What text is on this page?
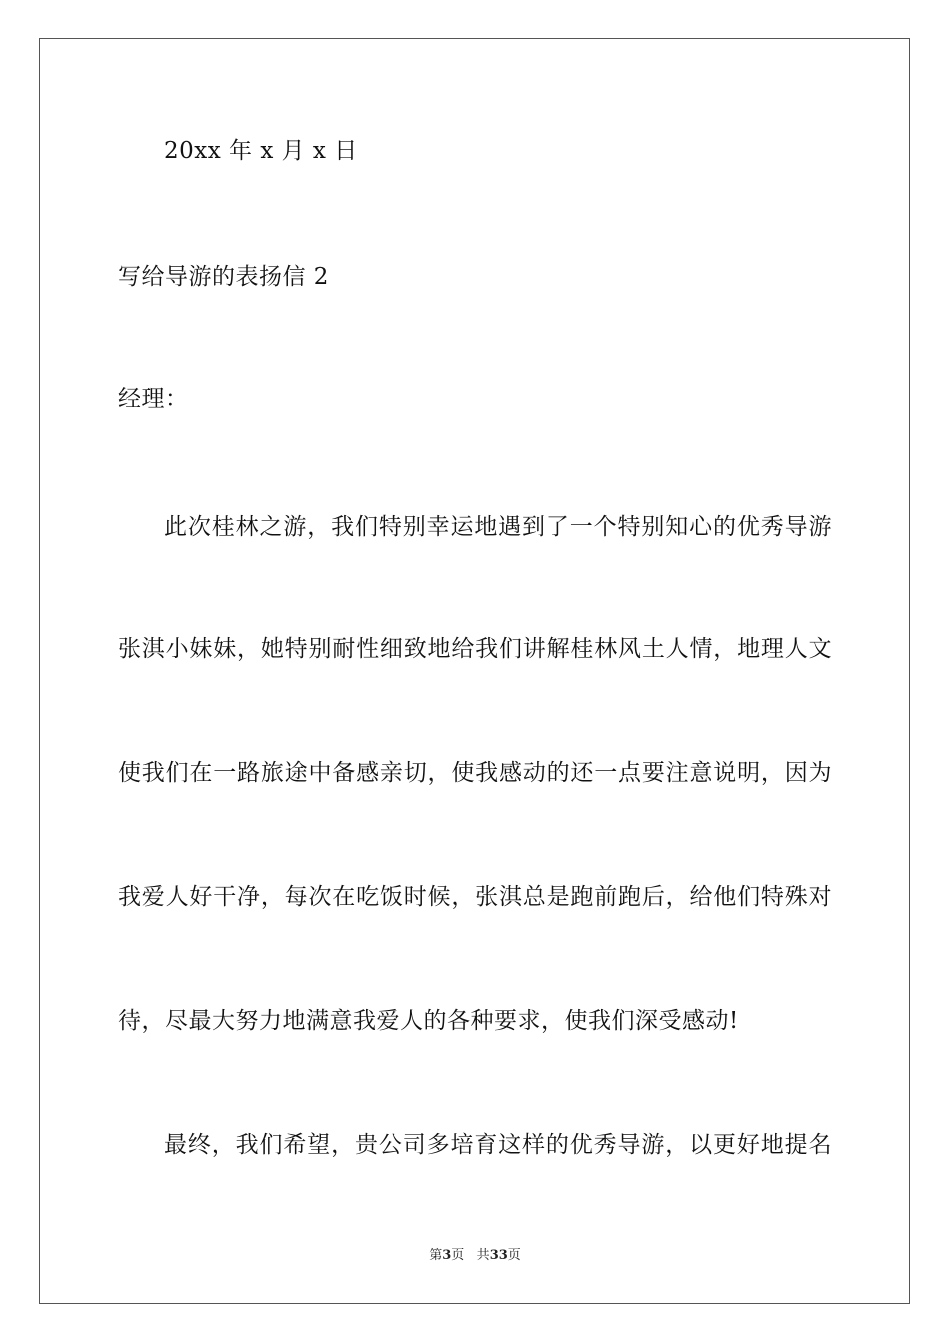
20xx 年 x 月 x 日
写给导游的表扬信 2
经理：
此次桂林之游，我们特别幸运地遇到了一个特别知心的优秀导游
张淇小妹妹，她特别耐性细致地给我们讲解桂林风土人情，地理人文
使我们在一路旅途中备感亲切，使我感动的还一点要注意说明，因为
我爱人好干净，每次在吃饭时候，张淇总是跑前跑后，给他们特殊对
待，尽最大努力地满意我爱人的各种要求，使我们深受感动!
最终，我们希望，贵公司多培育这样的优秀导游，以更好地提名
第3页 共33页
